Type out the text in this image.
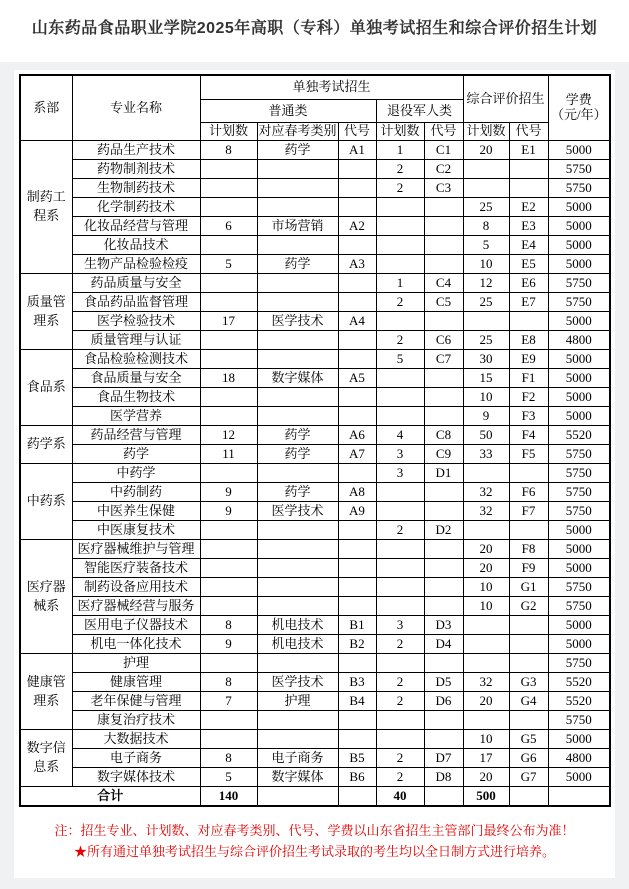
山东药品食品职业学院2025年高职（专科）单独考试招生和综合评价招生计划
系部	专业名称	单独考试招生					综合评价招生		学费
（元/年）

		普通类			退役军人类				
		计划数	对应春考类别	代号	计划数	代号	计划数	代号	
制药工程系	药品生产技术	8	药学	A1	1	C1	20	E1	5000
	药物制剂技术				2	C2			5750
	生物制药技术				2	C3			5750
	化学制药技术						25	E2	5000
	化妆品经营与管理	6	市场营销	A2			8	E3	5000
	化妆品技术						5	E4	5000
	生物产品检验检疫	5	药学	A3			10	E5	5000
质量管理系	药品质量与安全				1	C4	12	E6	5750
	食品药品监督管理				2	C5	25	E7	5750
	医学检验技术	17	医学技术	A4					5000
	质量管理与认证				2	C6	25	E8	4800
食品系	食品检验检测技术				5	C7	30	E9	5000
	食品质量与安全	18	数字媒体	A5			15	F1	5000
	食品生物技术						10	F2	5000
	医学营养						9	F3	5000
药学系	药品经营与管理	12	药学	A6	4	C8	50	F4	5520
	药学	11	药学	A7	3	C9	33	F5	5750
中药系	中药学				3	D1			5750
	中药制药	9	药学	A8			32	F6	5750
	中医养生保健	9	医学技术	A9			32	F7	5750
	中医康复技术				2	D2			5000
医疗器械系	医疗器械维护与管理						20	F8	5000
	智能医疗装备技术						20	F9	5000
	制药设备应用技术						10	G1	5750
	医疗器械经营与服务						10	G2	5750
	医用电子仪器技术	8	机电技术	B1	3	D3			5000
	机电一体化技术	9	机电技术	B2	2	D4			5000
健康管理系	护理								5750
	健康管理	8	医学技术	B3	2	D5	32	G3	5520
	老年保健与管理	7	护理	B4	2	D6	20	G4	5520
	康复治疗技术								5750
数字信息系	大数据技术						10	G5	5000
	电子商务	8	电子商务	B5	2	D7	17	G6	4800
	数字媒体技术	5	数字媒体	B6	2	D8	20	G7	5000
合计		140			40		500		
注：招生专业、计划数、对应春考类别、代号、学费以山东省招生主管部门最终公布为准！
★所有通过单独考试招生与综合评价招生考试录取的考生均以全日制方式进行培养。
